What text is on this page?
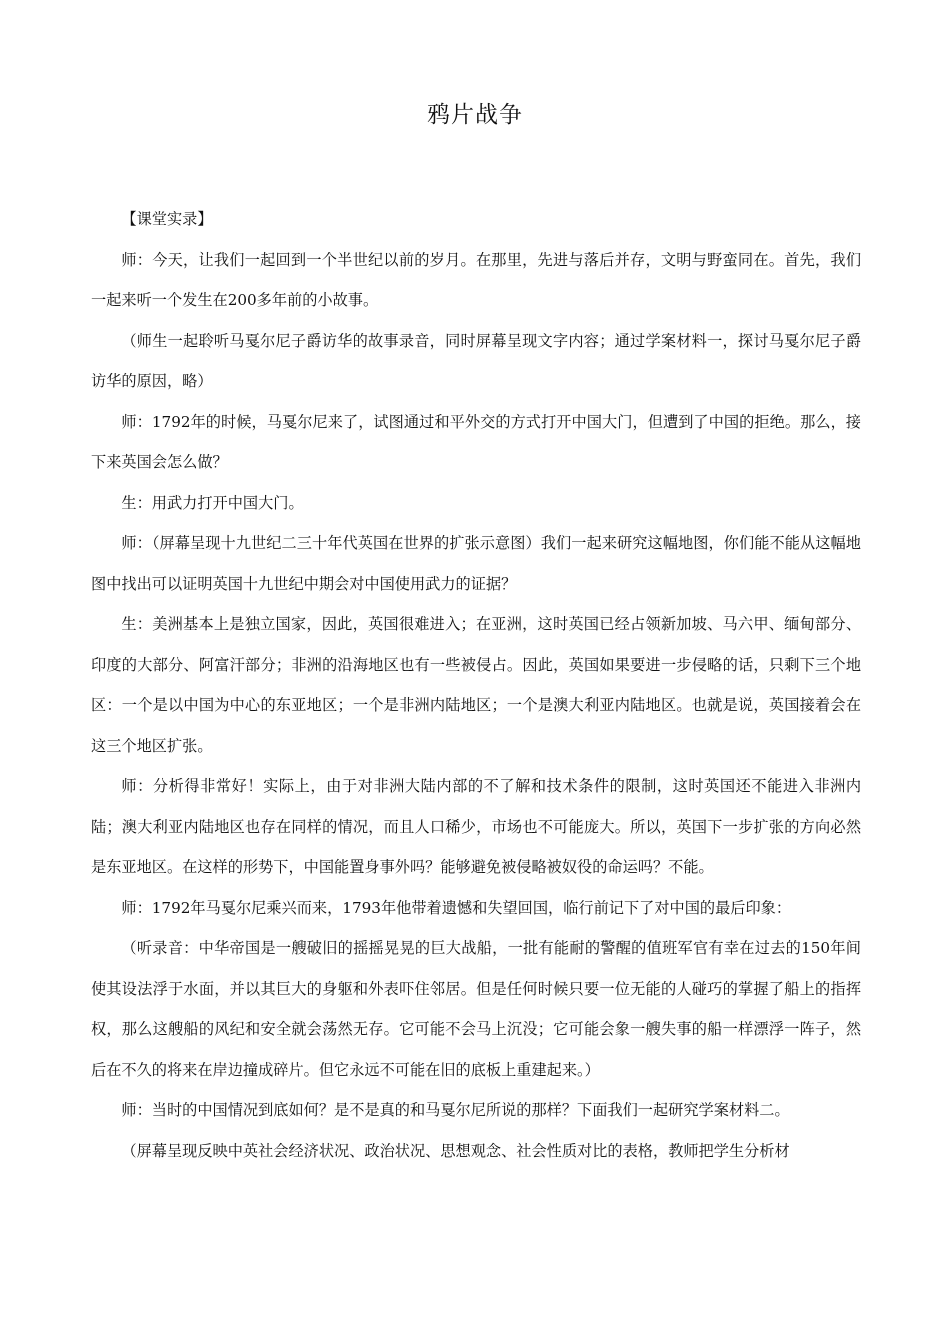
鸦片战争

【课堂实录】

师：今天，让我们一起回到一个半世纪以前的岁月。在那里，先进与落后并存，文明与野蛮同在。首先，我们一起来听一个发生在200多年前的小故事。

（师生一起聆听马戛尔尼子爵访华的故事录音，同时屏幕呈现文字内容；通过学案材料一，探讨马戛尔尼子爵访华的原因，略）

师：1792年的时候，马戛尔尼来了，试图通过和平外交的方式打开中国大门，但遭到了中国的拒绝。那么，接下来英国会怎么做？

生：用武力打开中国大门。

师：（屏幕呈现十九世纪二三十年代英国在世界的扩张示意图）我们一起来研究这幅地图，你们能不能从这幅地图中找出可以证明英国十九世纪中期会对中国使用武力的证据？

生：美洲基本上是独立国家，因此，英国很难进入；在亚洲，这时英国已经占领新加坡、马六甲、缅甸部分、印度的大部分、阿富汗部分；非洲的沿海地区也有一些被侵占。因此，英国如果要进一步侵略的话，只剩下三个地区：一个是以中国为中心的东亚地区；一个是非洲内陆地区；一个是澳大利亚内陆地区。也就是说，英国接着会在这三个地区扩张。

师：分析得非常好！实际上，由于对非洲大陆内部的不了解和技术条件的限制，这时英国还不能进入非洲内陆；澳大利亚内陆地区也存在同样的情况，而且人口稀少，市场也不可能庞大。所以，英国下一步扩张的方向必然是东亚地区。在这样的形势下，中国能置身事外吗？能够避免被侵略被奴役的命运吗？不能。

师：1792年马戛尔尼乘兴而来，1793年他带着遗憾和失望回国，临行前记下了对中国的最后印象：

（听录音：中华帝国是一艘破旧的摇摇晃晃的巨大战船，一批有能耐的警醒的值班军官有幸在过去的150年间使其设法浮于水面，并以其巨大的身躯和外表吓住邻居。但是任何时候只要一位无能的人碰巧的掌握了船上的指挥权，那么这艘船的风纪和安全就会荡然无存。它可能不会马上沉没；它可能会象一艘失事的船一样漂浮一阵子，然后在不久的将来在岸边撞成碎片。但它永远不可能在旧的底板上重建起来。）

师：当时的中国情况到底如何？是不是真的和马戛尔尼所说的那样？下面我们一起研究学案材料二。

（屏幕呈现反映中英社会经济状况、政治状况、思想观念、社会性质对比的表格，教师把学生分析材
